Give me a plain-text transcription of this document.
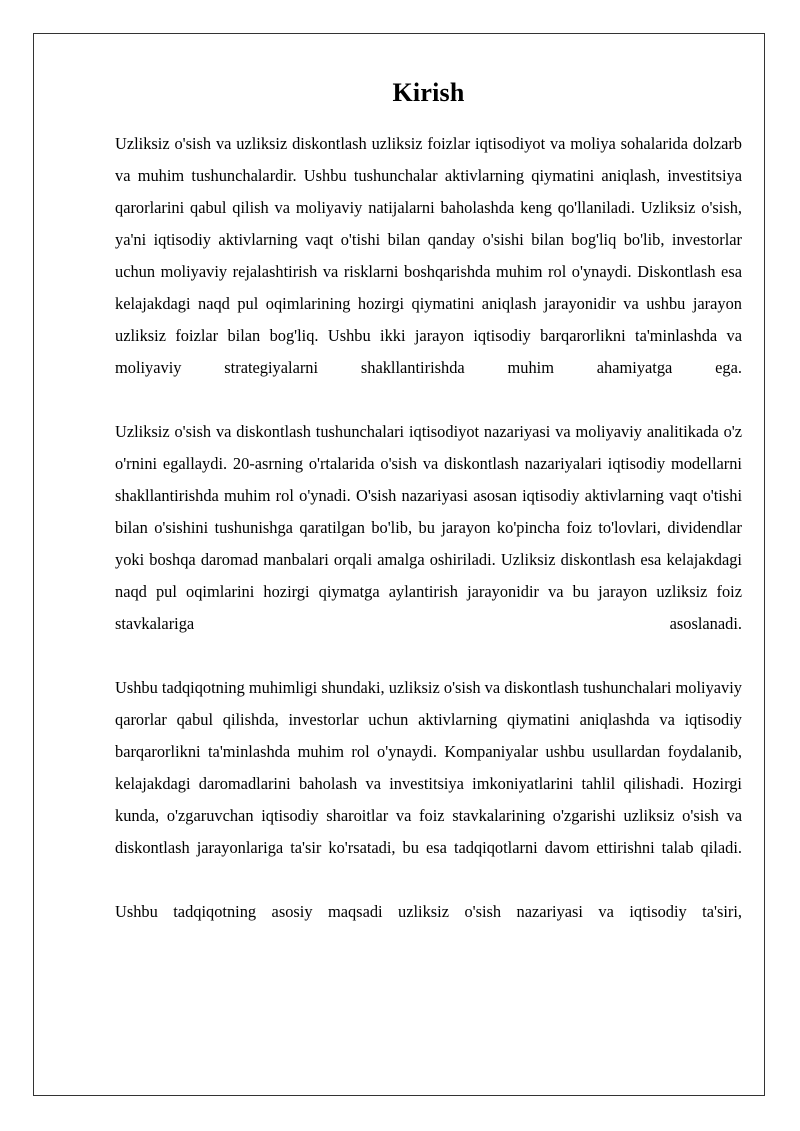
Kirish

Uzliksiz o'sish va uzliksiz diskontlash uzliksiz foizlar iqtisodiyot va moliya sohalarida dolzarb va muhim tushunchalardir. Ushbu tushunchalar aktivlarning qiymatini aniqlash, investitsiya qarorlarini qabul qilish va moliyaviy natijalarni baholashda keng qo'llaniladi. Uzliksiz o'sish, ya'ni iqtisodiy aktivlarning vaqt o'tishi bilan qanday o'sishi bilan bog'liq bo'lib, investorlar uchun moliyaviy rejalashtirish va risklarni boshqarishda muhim rol o'ynaydi. Diskontlash esa kelajakdagi naqd pul oqimlarining hozirgi qiymatini aniqlash jarayonidir va ushbu jarayon uzliksiz foizlar bilan bog'liq. Ushbu ikki jarayon iqtisodiy barqarorlikni ta'minlashda va moliyaviy strategiyalarni shakllantirishda muhim ahamiyatga ega.

Uzliksiz o'sish va diskontlash tushunchalari iqtisodiyot nazariyasi va moliyaviy analitikada o'z o'rnini egallaydi. 20-asrning o'rtalarida o'sish va diskontlash nazariyalari iqtisodiy modellarni shakllantirishda muhim rol o'ynadi. O'sish nazariyasi asosan iqtisodiy aktivlarning vaqt o'tishi bilan o'sishini tushunishga qaratilgan bo'lib, bu jarayon ko'pincha foiz to'lovlari, dividendlar yoki boshqa daromad manbalari orqali amalga oshiriladi. Uzliksiz diskontlash esa kelajakdagi naqd pul oqimlarini hozirgi qiymatga aylantirish jarayonidir va bu jarayon uzliksiz foiz stavkalariga asoslanadi.

Ushbu tadqiqotning muhimligi shundaki, uzliksiz o'sish va diskontlash tushunchalari moliyaviy qarorlar qabul qilishda, investorlar uchun aktivlarning qiymatini aniqlashda va iqtisodiy barqarorlikni ta'minlashda muhim rol o'ynaydi. Kompaniyalar ushbu usullardan foydalanib, kelajakdagi daromadlarini baholash va investitsiya imkoniyatlarini tahlil qilishadi. Hozirgi kunda, o'zgaruvchan iqtisodiy sharoitlar va foiz stavkalarining o'zgarishi uzliksiz o'sish va diskontlash jarayonlariga ta'sir ko'rsatadi, bu esa tadqiqotlarni davom ettirishni talab qiladi.

Ushbu tadqiqotning asosiy maqsadi uzliksiz o'sish nazariyasi va iqtisodiy ta'siri,
